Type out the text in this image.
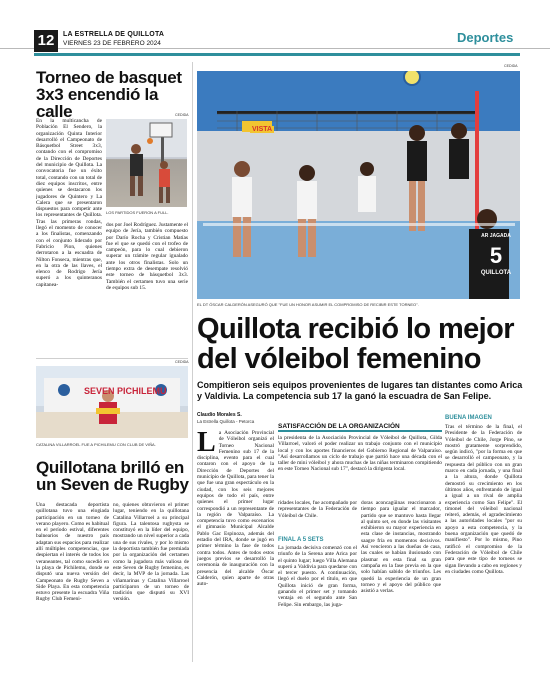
12	LA ESTRELLA DE QUILLOTA
VIERNES 23 DE FEBRERO 2024	Deportes
Torneo de basquet 3x3 encendió la calle
En la multicancha de Población El Sendero, la organización Quinta Interior desarrolló el Campeonato de Básquetbol Street 3x3, contando con el compromiso de la Dirección de Deportes del municipio de Quillota. La convocatoria fue un éxito total, contando con un total de diez equipos inscritos, entre quienes se destacaron los jugadores de Quintero y La Calera que se presentaron dispuestos para competir ante los representantes de Quillota. Tras las primeras rondas, llegó el momento de conocer a los finalistas, comenzando con el conjunto liderado por Fabricio Pion, quienes derrotaron a la escuadra de Nilton Fonseca, mientras que, en la otra de las llaves, el elenco de Rodrigo Jería superó a los quinteranos capitanea-
CEDIDA
LOS PARTIDOS FUERON A FULL.
dos por Joel Rodríguez. Justamente el equipo de Jería, también compuesto por Darío Rocha y Cristian Matías fue el que se quedó con el trofeo de campeón, para lo cual debieron superar un trámite regular igualado ante los otros finalistas. Solo un tiempo extra de desempate resolvió este torneo de básquetbol 3x3. También el certamen tuvo una serie de equipos sub 15.
CEDIDA
SEVEN PICHILEMU
CATALINA VILLARROEL FUE A PICHILEMU CON CLUB DE VIÑA.
Quillotana brilló en un Seven de Rugby
Una destacada deportista quillotana tuvo una elogiada participación en un torneo de verano playero. Como es habitual en el período estival, diferentes balnearios de nuestro país adaptan sus espacios para realizar allí múltiples competencias, que despiertan el interés de todos los veraneantes, tal como sucedió en la playa de Pichilemu, donde se disputó una nueva versión del Campeonato de Rugby Seven a Side Playa. En esta competencia estuvo presente la escuadra Viña Rugby Club Femeni-
no, quienes obtuvieron el primer lugar, teniendo en la quillotana Catalina Villarroel a su principal figura. La talentosa rugbysta se constituyó en la líder del equipo, mostrando un nivel superior a cada una de sus rivales, y por lo mismo la deportista también fue premiada por la organización del certamen como la jugadora más valiosa de este Seven de Rugby femenino, es decir, la MVP de la jornada. Las viñamarinas y Catalina Villarroel participaron de un torneo de tradición que disputó su XVI versión.
CEDIDA
VISTA
AR JAGADA
5
QUILLOTA
EL DT ÓSCAR CALDERÓN ASEGURÓ QUE "FUE UN HONOR ASUMIR EL COMPROMISO DE RECIBIR ESTE TORNEO".
Quillota recibió lo mejor del vóleibol femenino
Compitieron seis equipos provenientes de lugares tan distantes como Arica y Valdivia. La competencia sub 17 la ganó la escuadra de San Felipe.
Claudio Morales S.
La Estrella Quillota - Petorca
La Asociación Provincial de Vóleibol organizó el Torneo Nacional Femenino sub 17 de la disciplina, evento para el cual contaron con el apoyo de la Dirección de Deportes del municipio de Quillota, para tener la que fue una gran espectáculo en la ciudad, con los seis mejores equipos de todo el país, entre quienes el primer lugar correspondió a un representante de la región de Valparaíso. La competencia tuvo como escenarios el gimnasio Municipal Alcalde Pablo Gac Espinoza, además del estadio del IRA, donde se jugó en primer término la fase de todos contra todos. Antes de todos estos juegos previos se desarrolló la ceremonia de inauguración con la presencia del alcalde Óscar Calderón, quien aparte de otras auto-
SATISFACCIÓN DE LA ORGANIZACIÓN
la presidenta de la Asociación Provincial de Vóleibol de Quillota, Gilda Villarroel, valoró el poder realizar un trabajo conjunto con el municipio local y con los aportes financieros del Gobierno Regional de Valparaíso. "Así desarrollamos un ciclo de trabajo que partió hace una década con el taller de mini vóleibol y ahora muchas de las niñas terminaron compitiendo en este Torneo Nacional sub 17", destacó la dirigenta local.
ridades locales, fue acompañado por representantes de la Federación de Vóleibol de Chile.
FINAL A 5 SETS
La jornada decisiva comenzó con el triunfo de la Serena ante Arica por el quinto lugar; luego Villa Alemana superó a Valdivia para quedarse con el tercer puesto. A continuación, llegó el duelo por el título, en que Quillota inició de gran forma, ganando el primer set y tomando ventaja en el segundo ante San Felipe. Sin embargo, las juga-
doras aconcagüinas reaccionaron a tiempo para igualar el marcador, partido que se mantuvo hasta llegar al quinto set, en donde las visitantes exhibieron su mayor experiencia en esta clase de instancias, mostrando saagre fría en momentos decisivos. Así vencieron a las dueñas de casa, las cuales se habían ilusionado con plasmar en esta final su gran campaña en la fase previa en la que solo habían sabido de triunfos. Les quedó la experiencia de un gran torneo y el apoyo del público que asistió a verlas.
BUENA IMAGEN
Tras el término de la final, el Presidente de la Federación de Vóleibol de Chile, Jorge Pino, se mostró gratamente sorprendido, según indicó, "por la forma en que se desarrolló el campeonato, y la respuesta del público con un gran marco en cada jornada, y una final a la altura, donde Quillota demostró su crecimiento en los últimos años, enfrentando de igual a igual a un rival de amplia experiencia como San Felipe". El timonel del vóleibol nacional reiteró, además, el agradecimiento a las autoridades locales "por su apoyo a esta competencia, y la buena organización que quedó de manifiesto". Por lo mismo, Pino ratificó el compromiso de la Federación de Vóleibol de Chile para que este tipo de torneos se sigan llevando a cabo en regiones y en ciudades como Quillota.
